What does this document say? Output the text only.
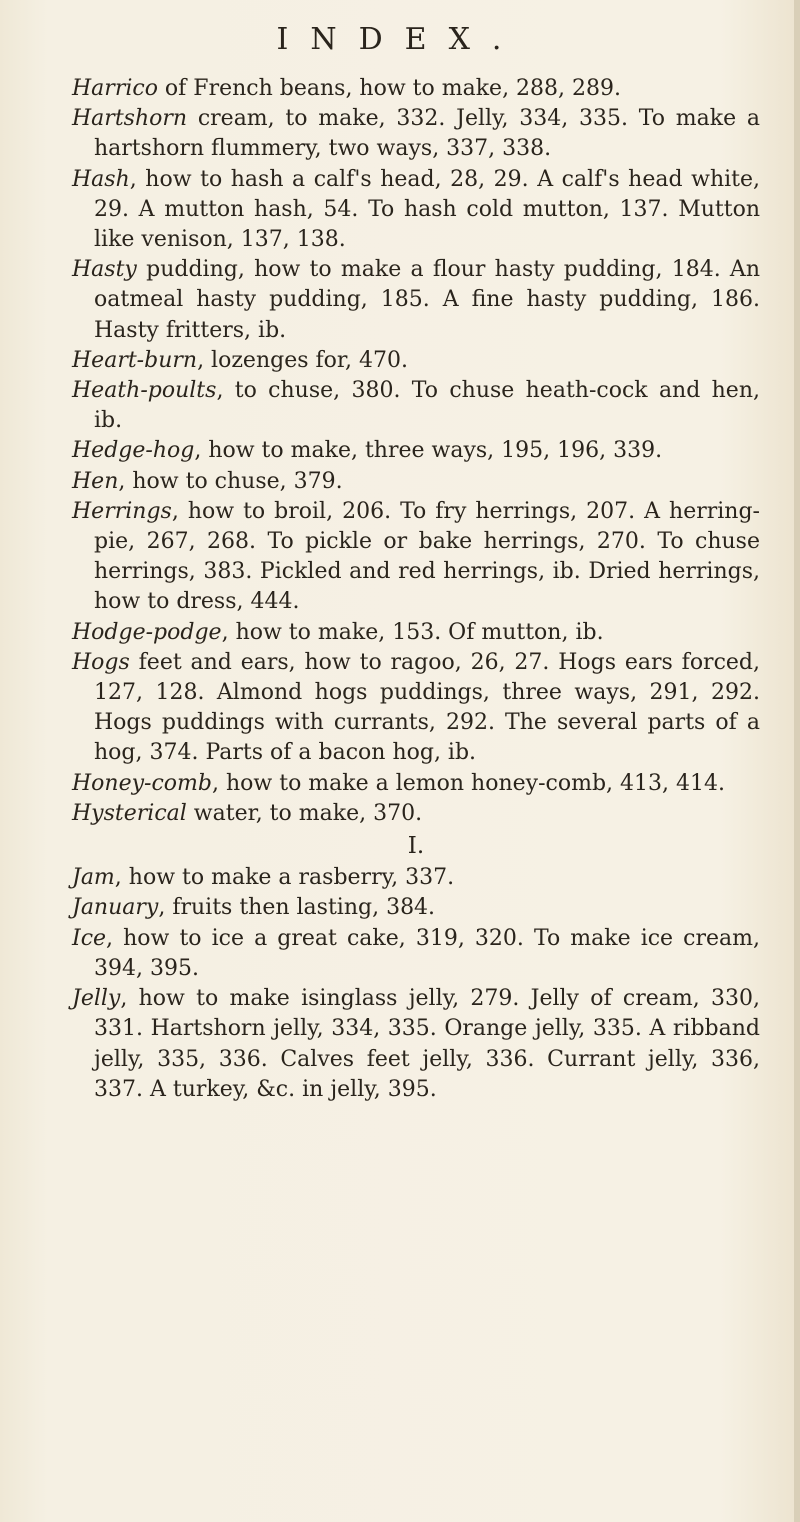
INDEX.

Harrico of French beans, how to make, 288, 289.

Hartshorn cream, to make, 332. Jelly, 334, 335. To make a hartshorn flummery, two ways, 337, 338.

Hash, how to hash a calf's head, 28, 29. A calf's head white, 29. A mutton hash, 54. To hash cold mutton, 137. Mutton like venison, 137, 138.

Hasty pudding, how to make a flour hasty pudding, 184. An oatmeal hasty pudding, 185. A fine hasty pudding, 186. Hasty fritters, ib.

Heart-burn, lozenges for, 470.

Heath-poults, to chuse, 380. To chuse heath-cock and hen, ib.

Hedge-hog, how to make, three ways, 195, 196, 339.

Hen, how to chuse, 379.

Herrings, how to broil, 206. To fry herrings, 207. A herring-pie, 267, 268. To pickle or bake herrings, 270. To chuse herrings, 383. Pickled and red herrings, ib. Dried herrings, how to dress, 444.

Hodge-podge, how to make, 153. Of mutton, ib.

Hogs feet and ears, how to ragoo, 26, 27. Hogs ears forced, 127, 128. Almond hogs puddings, three ways, 291, 292. Hogs puddings with currants, 292. The several parts of a hog, 374. Parts of a bacon hog, ib.

Honey-comb, how to make a lemon honey-comb, 413, 414.

Hysterical water, to make, 370.

I.

Jam, how to make a rasberry, 337.

January, fruits then lasting, 384.

Ice, how to ice a great cake, 319, 320. To make ice cream, 394, 395.

Jelly, how to make isinglass jelly, 279. Jelly of cream, 330, 331. Hartshorn jelly, 334, 335. Orange jelly, 335. A ribband jelly, 335, 336. Calves feet jelly, 336. Currant jelly, 336, 337. A turkey, &c. in jelly, 395.
